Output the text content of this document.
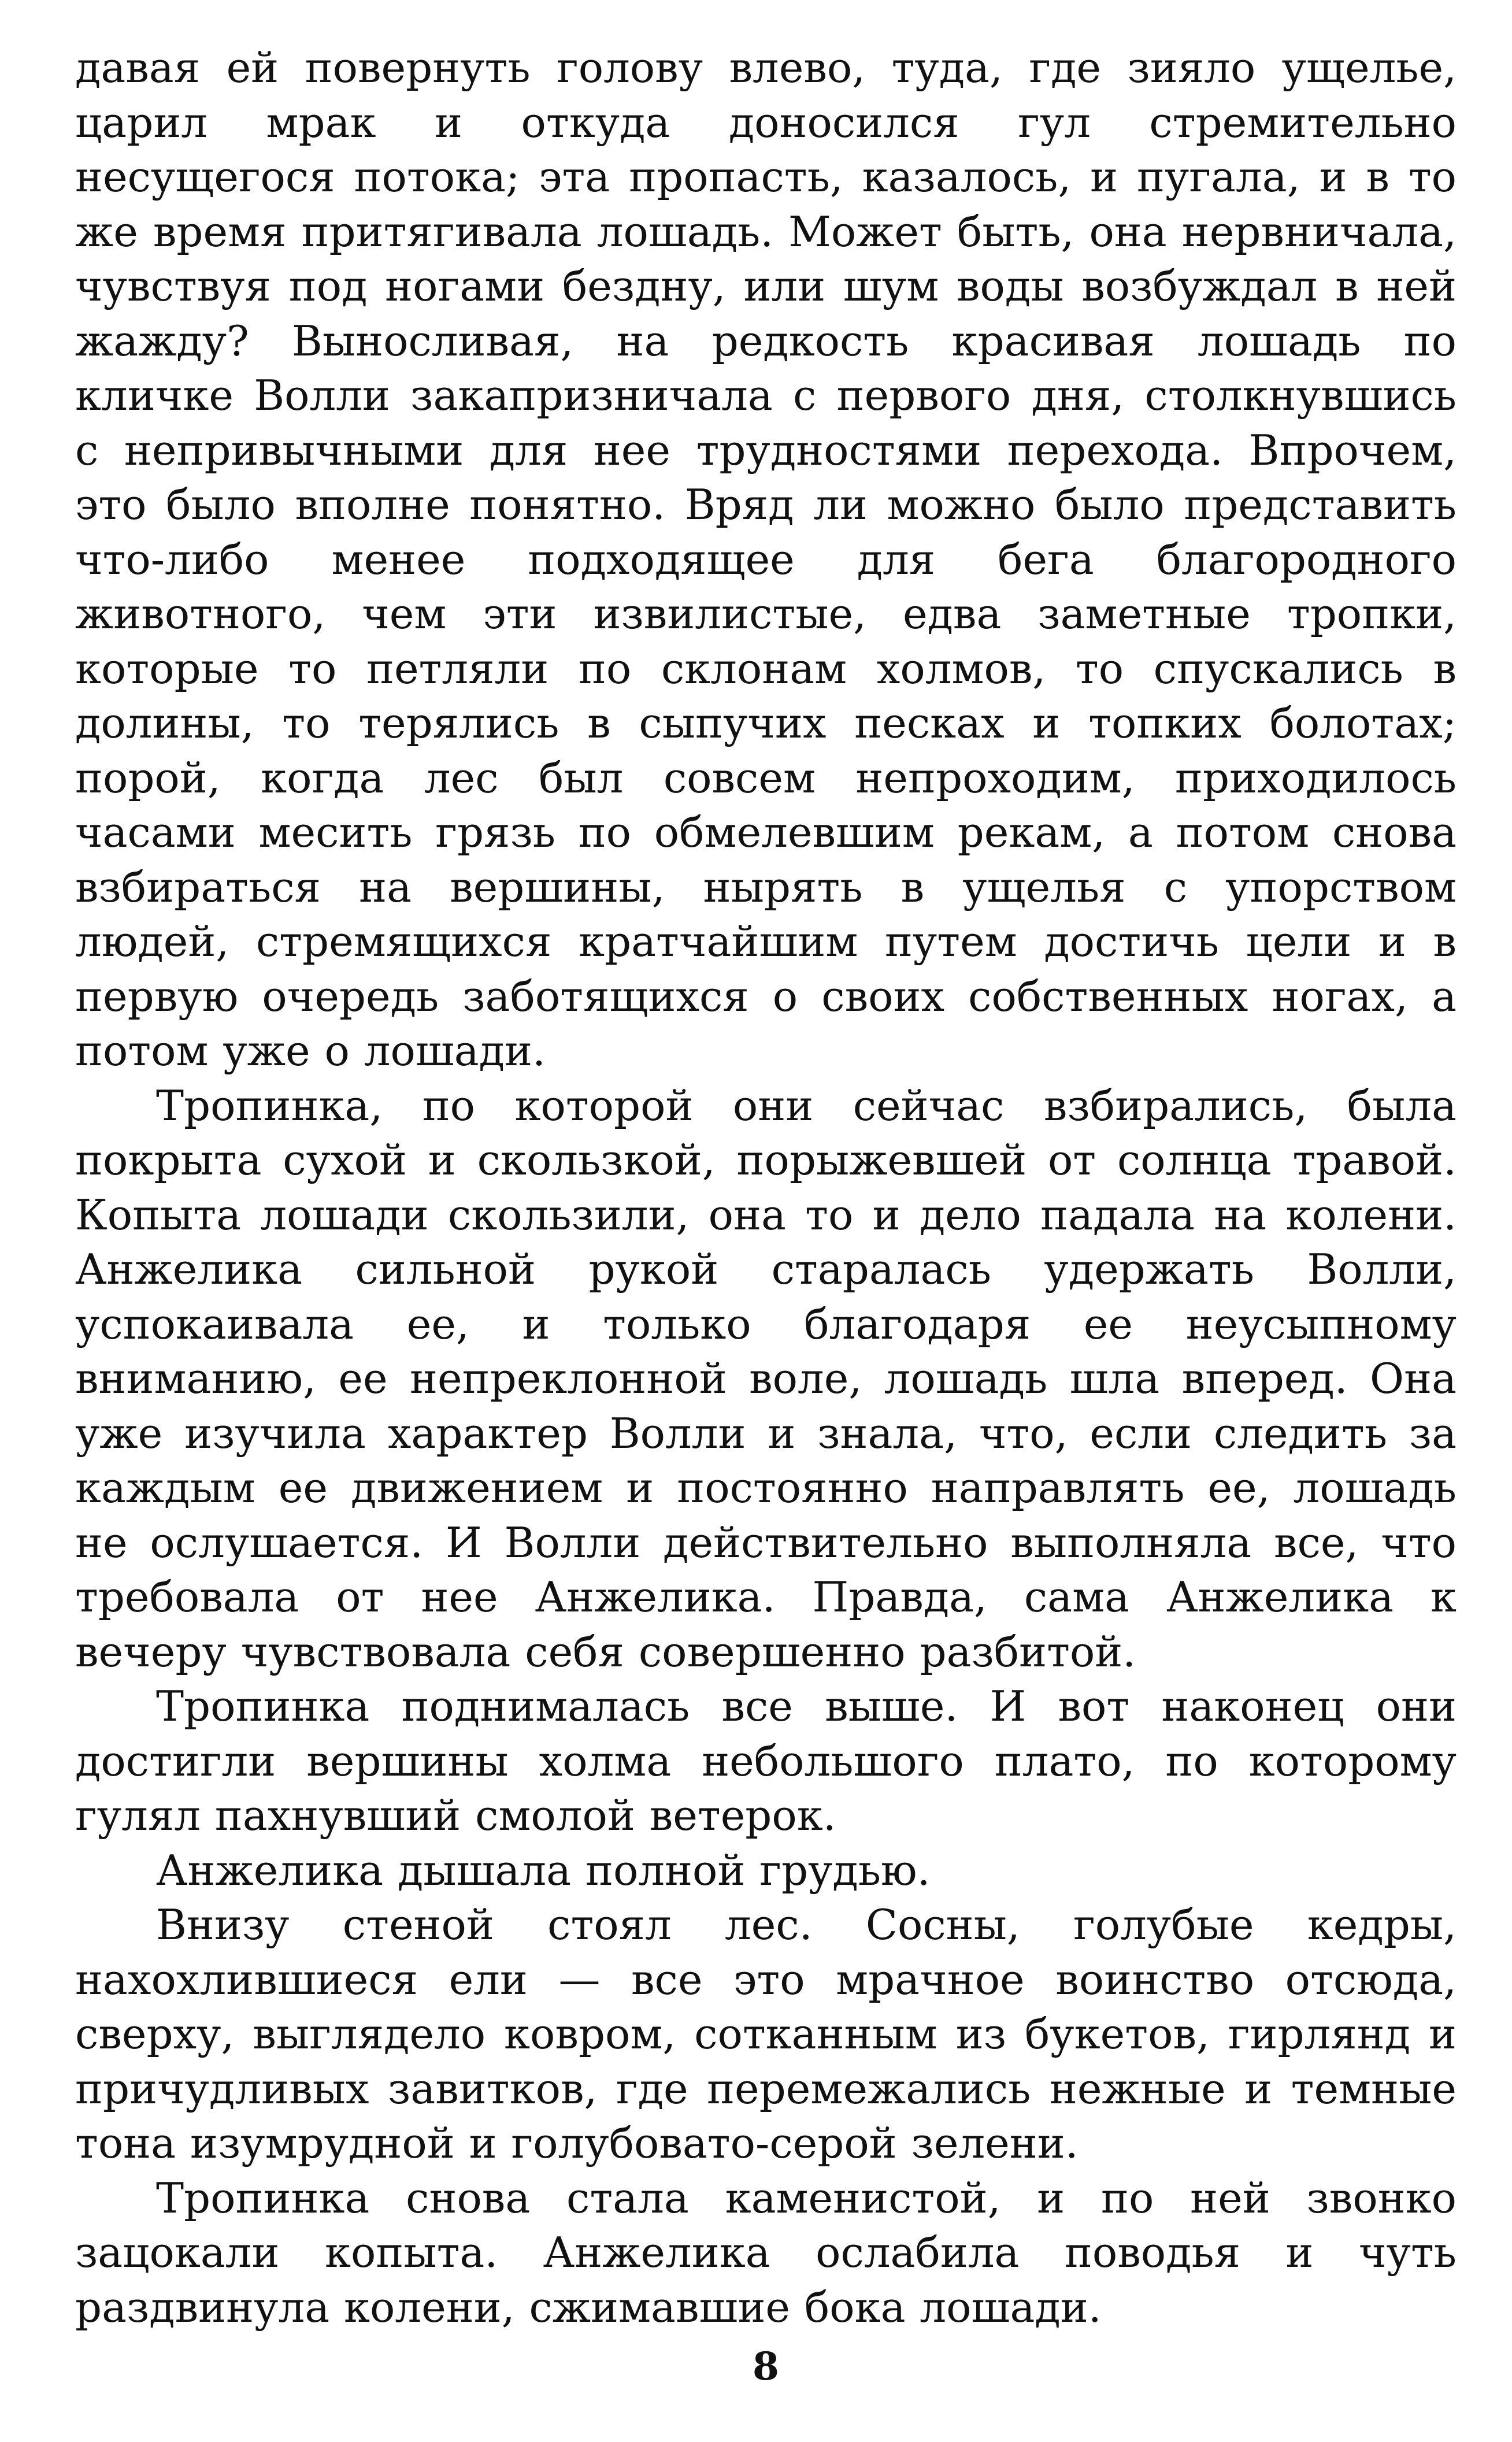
давая ей повернуть голову влево, туда, где зияло ущелье, царил мрак и откуда доносился гул стремительно несущегося потока; эта пропасть, казалось, и пугала, и в то же время притягивала лошадь. Может быть, она нервничала, чувствуя под ногами бездну, или шум воды возбуждал в ней жажду? Выносливая, на редкость красивая лошадь по кличке Волли закапризничала с первого дня, столкнувшись с непривычными для нее трудностями перехода. Впрочем, это было вполне понятно. Вряд ли можно было представить что-либо менее подходящее для бега благородного животного, чем эти извилистые, едва заметные тропки, которые то петляли по склонам холмов, то спускались в долины, то терялись в сыпучих песках и топких болотах; порой, когда лес был совсем непроходим, приходилось часами месить грязь по обмелевшим рекам, а потом снова взбираться на вершины, нырять в ущелья с упорством людей, стремящихся кратчайшим путем достичь цели и в первую очередь заботящихся о своих собственных ногах, а потом уже о лошади.

Тропинка, по которой они сейчас взбирались, была покрыта сухой и скользкой, порыжевшей от солнца травой. Копыта лошади скользили, она то и дело падала на колени. Анжелика сильной рукой старалась удержать Волли, успокаивала ее, и только благодаря ее неусыпному вниманию, ее непреклонной воле, лошадь шла вперед. Она уже изучила характер Волли и знала, что, если следить за каждым ее движением и постоянно направлять ее, лошадь не ослушается. И Волли действительно выполняла все, что требовала от нее Анжелика. Правда, сама Анжелика к вечеру чувствовала себя совершенно разбитой.

Тропинка поднималась все выше. И вот наконец они достигли вершины холма небольшого плато, по которому гулял пахнувший смолой ветерок.

Анжелика дышала полной грудью.

Внизу стеной стоял лес. Сосны, голубые кедры, нахохлившиеся ели — все это мрачное воинство отсюда, сверху, выглядело ковром, сотканным из букетов, гирлянд и причудливых завитков, где перемежались нежные и темные тона изумрудной и голубовато-серой зелени.

Тропинка снова стала каменистой, и по ней звонко зацокали копыта. Анжелика ослабила поводья и чуть раздвинула колени, сжимавшие бока лошади.

8
